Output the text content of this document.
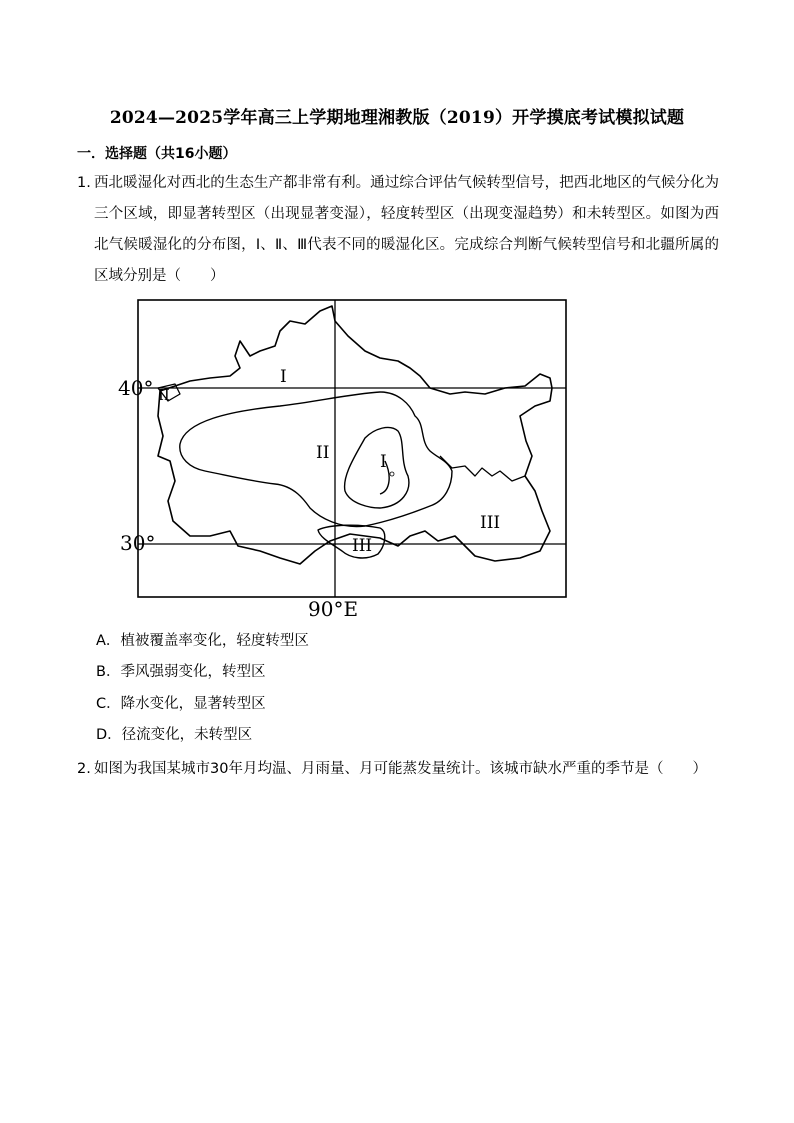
2024—2025学年高三上学期地理湘教版（2019）开学摸底考试模拟试题
一．选择题（共16小题）
1. 西北暖湿化对西北的生态生产都非常有利。通过综合评估气候转型信号，把西北地区的气候分化为三个区域，即显著转型区（出现显著变湿），轻度转型区（出现变湿趋势）和未转型区。如图为西北气候暖湿化的分布图，Ⅰ、Ⅱ、Ⅲ代表不同的暖湿化区。完成综合判断气候转型信号和北疆所属的区域分别是（　　）
40°
30°
90°E
I
I
II
II
III
III
A．植被覆盖率变化，轻度转型区
B．季风强弱变化，转型区
C．降水变化，显著转型区
D．径流变化，未转型区
2. 如图为我国某城市30年月均温、月雨量、月可能蒸发量统计。该城市缺水严重的季节是（　　）
